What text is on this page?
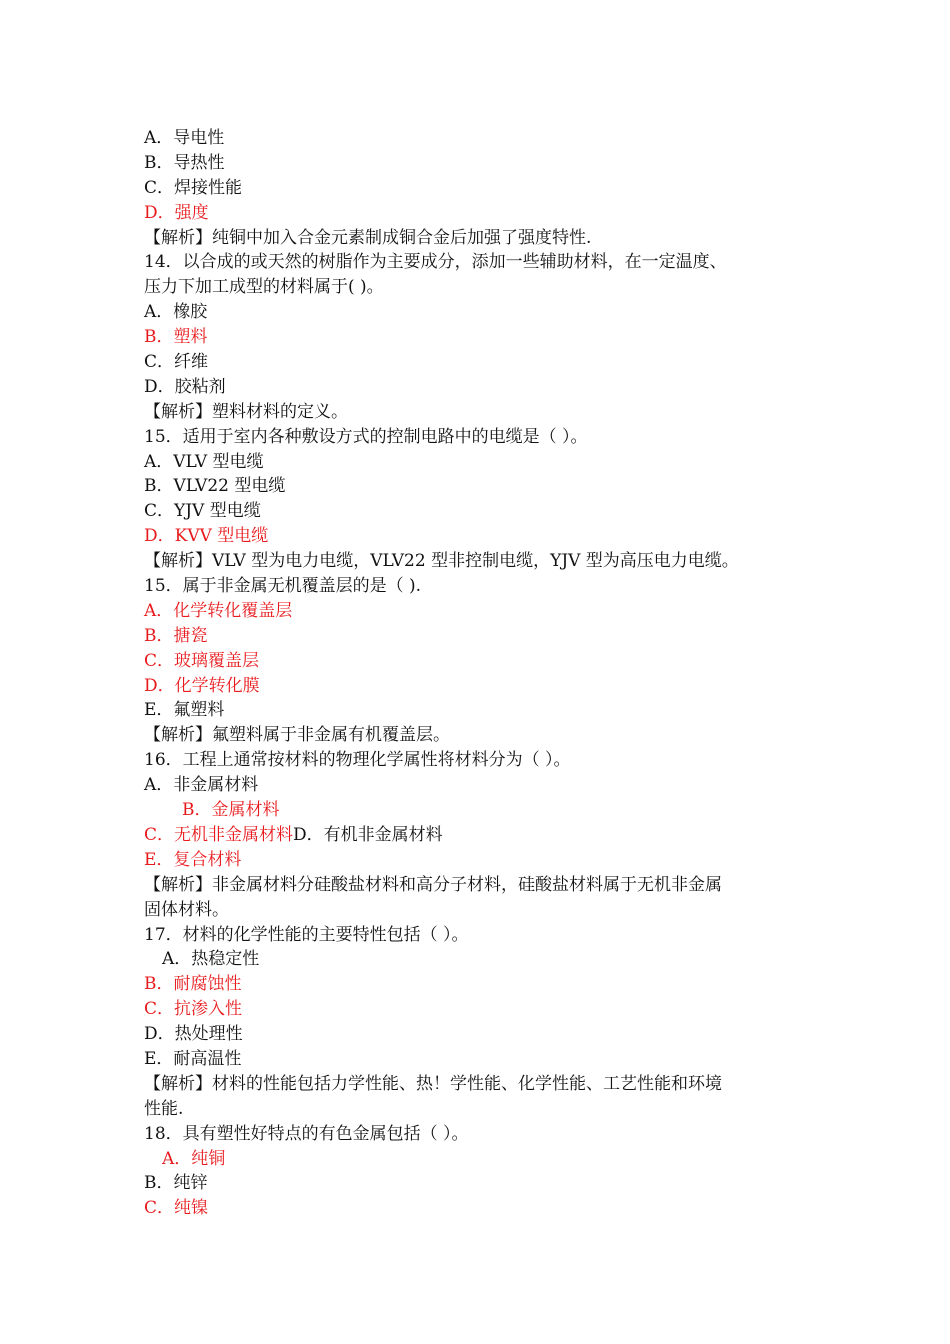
A．导电性
B．导热性
C．焊接性能
D．强度
【解析】纯铜中加入合金元素制成铜合金后加强了强度特性.
14．以合成的或天然的树脂作为主要成分，添加一些辅助材料，在一定温度、
压力下加工成型的材料属于( )。
A．橡胶
B．塑料
C．纤维
D．胶粘剂
【解析】塑料材料的定义。
15．适用于室内各种敷设方式的控制电路中的电缆是（ ）。
A．VLV 型电缆
B．VLV22 型电缆
C．YJV 型电缆
D．KVV 型电缆
【解析】VLV 型为电力电缆，VLV22 型非控制电缆，YJV 型为高压电力电缆。
15．属于非金属无机覆盖层的是（ ).
A．化学转化覆盖层
B．搪瓷
C．玻璃覆盖层
D．化学转化膜
E．氟塑料
【解析】氟塑料属于非金属有机覆盖层。
16．工程上通常按材料的物理化学属性将材料分为（ ）。
A．非金属材料
B．金属材料
C．无机非金属材料D．有机非金属材料
E．复合材料
【解析】非金属材料分硅酸盐材料和高分子材料，硅酸盐材料属于无机非金属
固体材料。
17．材料的化学性能的主要特性包括（ ）。
A．热稳定性
B．耐腐蚀性
C．抗渗入性
D．热处理性
E．耐高温性
【解析】材料的性能包括力学性能、热！学性能、化学性能、工艺性能和环境
性能.
18．具有塑性好特点的有色金属包括（ ）。
A．纯铜
B．纯锌
C．纯镍
